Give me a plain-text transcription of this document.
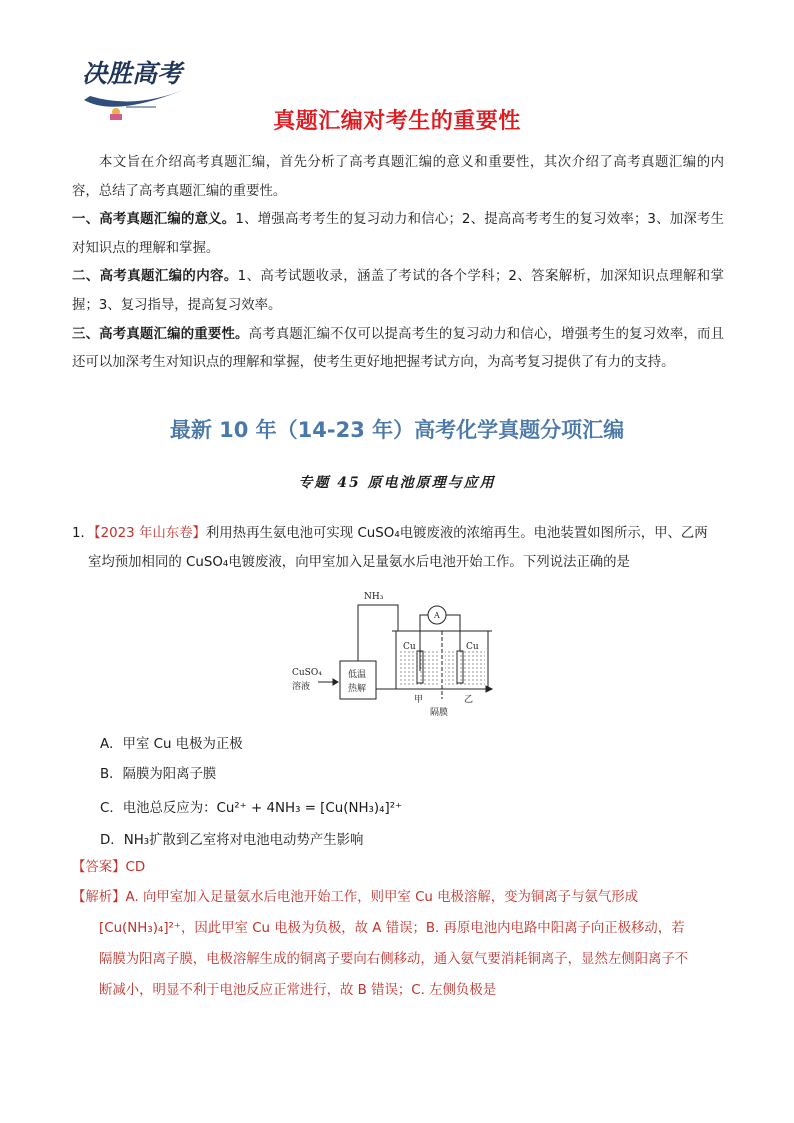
决胜高考
真题汇编对考生的重要性

本文旨在介绍高考真题汇编，首先分析了高考真题汇编的意义和重要性，其次介绍了高考真题汇编的内容，总结了高考真题汇编的重要性。

一、高考真题汇编的意义。1、增强高考考生的复习动力和信心；2、提高高考考生的复习效率；3、加深考生对知识点的理解和掌握。

二、高考真题汇编的内容。1、高考试题收录，涵盖了考试的各个学科；2、答案解析，加深知识点理解和掌握；3、复习指导，提高复习效率。

三、高考真题汇编的重要性。高考真题汇编不仅可以提高考生的复习动力和信心，增强考生的复习效率，而且还可以加深考生对知识点的理解和掌握，使考生更好地把握考试方向，为高考复习提供了有力的支持。

最新 10 年（14-23 年）高考化学真题分项汇编
专题 45 原电池原理与应用

1．【2023 年山东卷】利用热再生氨电池可实现 CuSO₄电镀废液的浓缩再生。电池装置如图所示，甲、乙两

室均预加相同的 CuSO₄电镀废液，向甲室加入足量氨水后电池开始工作。下列说法正确的是

NH₃
A
Cu	Cu
CuSO₄
溶液
低温
热解
甲	乙
隔膜
A．甲室 Cu 电极为正极
B．隔膜为阳离子膜
C．电池总反应为：Cu²⁺ + 4NH₃ = [Cu(NH₃)₄]²⁺
D．NH₃扩散到乙室将对电池电动势产生影响
【答案】CD

【解析】A. 向甲室加入足量氨水后电池开始工作，则甲室 Cu 电极溶解，变为铜离子与氨气形成

[Cu(NH₃)₄]²⁺，因此甲室 Cu 电极为负极，故 A 错误；B. 再原电池内电路中阳离子向正极移动，若

隔膜为阳离子膜，电极溶解生成的铜离子要向右侧移动，通入氨气要消耗铜离子，显然左侧阳离子不

断减小，明显不利于电池反应正常进行，故 B 错误；C. 左侧负极是
